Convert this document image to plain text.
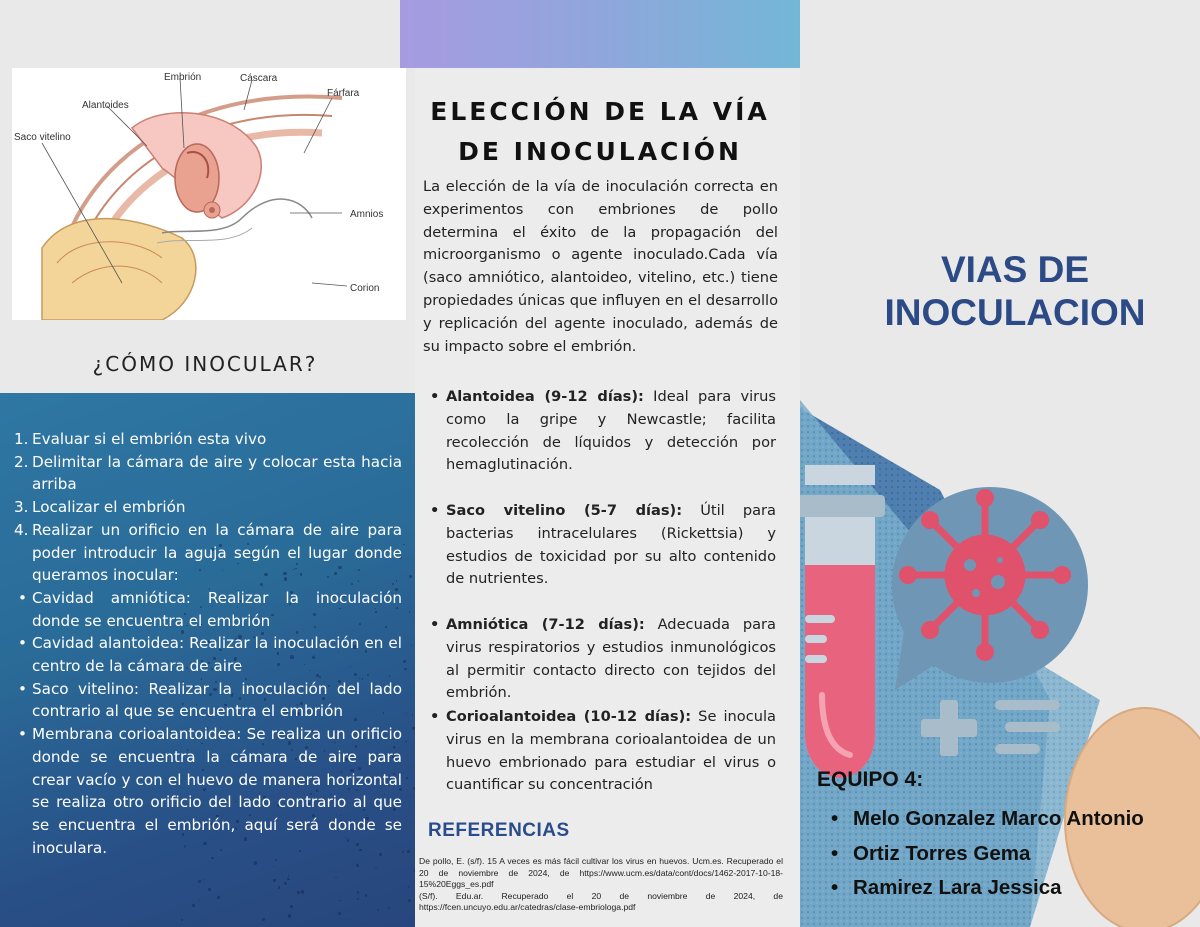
Embrión	Cáscara
Alantoides
Fárfara
Saco vitelino
Amnios
Corion
¿CÓMO INOCULAR?
1. Evaluar si el embrión esta vivo
2. Delimitar la cámara de aire y colocar esta hacia arriba
3. Localizar el embrión
4. Realizar un orificio en la cámara de aire para poder introducir la aguja según el lugar donde queramos inocular:
• Cavidad amniótica: Realizar la inoculación donde se encuentra el embrión
• Cavidad alantoidea: Realizar la inoculación en el centro de la cámara de aire
• Saco vitelino: Realizar la inoculación del lado contrario al que se encuentra el embrión
• Membrana corioalantoidea: Se realiza un orificio donde se encuentra la cámara de aire para crear vacío y con el huevo de manera horizontal se realiza otro orificio del lado contrario al que se encuentra el embrión, aquí será donde se inoculara.
ELECCIÓN DE LA VÍA
DE INOCULACIÓN
La elección de la vía de inoculación correcta en experimentos con embriones de pollo determina el éxito de la propagación del microorganismo o agente inoculado.Cada vía (saco amniótico, alantoideo, vitelino, etc.) tiene propiedades únicas que influyen en el desarrollo y replicación del agente inoculado, además de su impacto sobre el embrión.
• Alantoidea (9-12 días): Ideal para virus como la gripe y Newcastle; facilita recolección de líquidos y detección por hemaglutinación.
• Saco vitelino (5-7 días): Útil para bacterias intracelulares (Rickettsia) y estudios de toxicidad por su alto contenido de nutrientes.
• Amniótica (7-12 días): Adecuada para virus respiratorios y estudios inmunológicos al permitir contacto directo con tejidos del embrión.
• Corioalantoidea (10-12 días): Se inocula virus en la membrana corioalantoidea de un huevo embrionado para estudiar el virus o cuantificar su concentración
REFERENCIAS
De pollo, E. (s/f). 15 A veces es más fácil cultivar los virus en huevos. Ucm.es. Recuperado el 20 de noviembre de 2024, de https://www.ucm.es/data/cont/docs/1462-2017-10-18-15%20Eggs_es.pdf
(S/f). Edu.ar. Recuperado el 20 de noviembre de 2024, de https://fcen.uncuyo.edu.ar/catedras/clase-embriologa.pdf
VIAS DE
INOCULACION
EQUIPO 4:
• Melo Gonzalez Marco Antonio
• Ortiz Torres Gema
• Ramirez Lara Jessica
